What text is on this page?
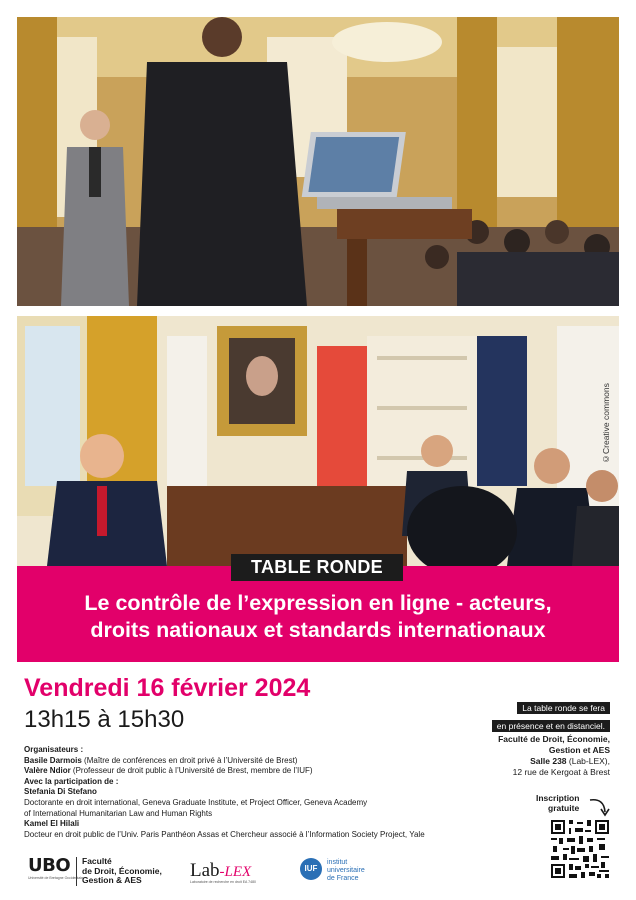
©Creative commons
TABLE RONDE
Le contrôle de l’expression en ligne - acteurs,
droits nationaux et standards internationaux
Vendredi 16 février 2024
13h15 à 15h30
Organisateurs :
Basile Darmois (Maître de conférences en droit privé à l’Université de Brest)
Valère Ndior (Professeur de droit public à l’Université de Brest, membre de l’IUF)
Avec la participation de :
Stefania Di Stefano
Doctorante en droit international, Geneva Graduate Institute, et Project Officer, Geneva Academy
of International Humanitarian Law and Human Rights
Kamel El Hilali
Docteur en droit public de l’Univ. Paris Panthéon Assas et Chercheur associé à l’Information Society Project, Yale
La table ronde se fera
en présence et en distanciel.
Faculté de Droit, Économie,
Gestion et AES
Salle 238 (Lab-LEX),
12 rue de Kergoat à Brest
Inscription
gratuite
UBO
Université de Bretagne Occidentale
Faculté
de Droit, Économie,
Gestion & AES	Lab-LEX
Laboratoire de recherche en droit EA 7480
IUF
institut
universitaire
de France
